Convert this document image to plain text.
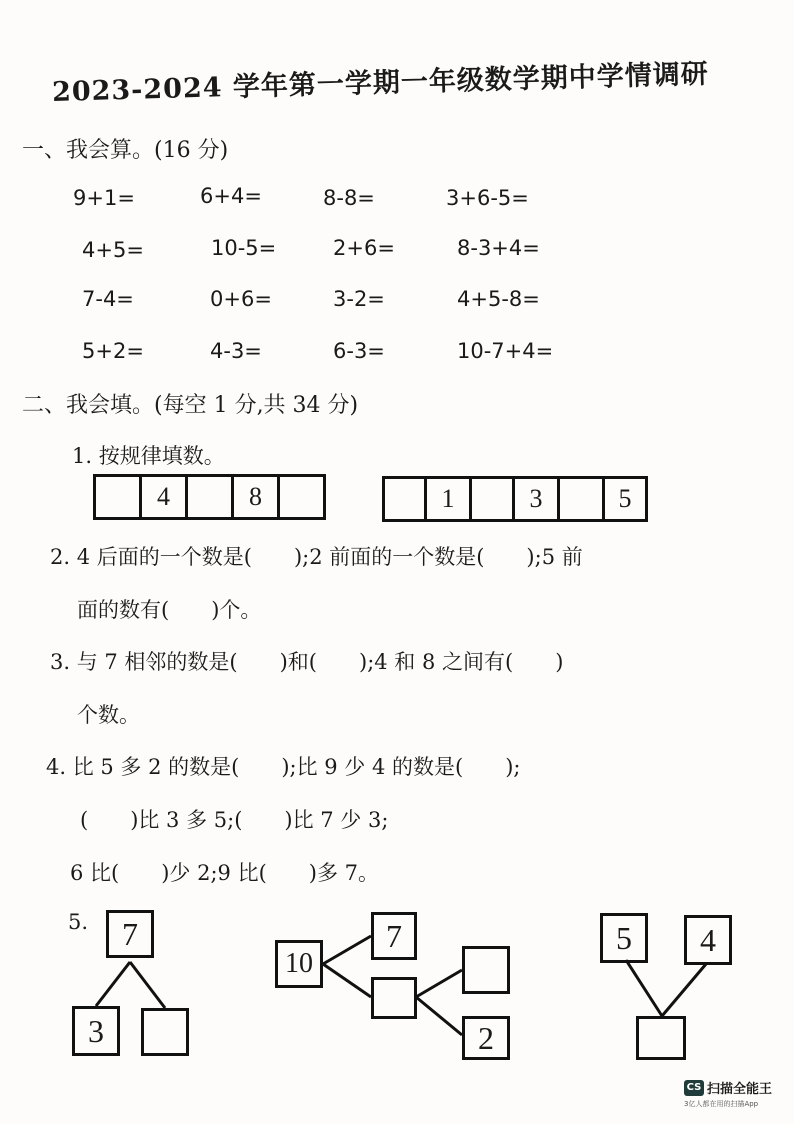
2023-2024 学年第一学期一年级数学期中学情调研
一、我会算。(16 分)
9+1=	6+4=	8-8=	3+6-5=
4+5=	10-5=	2+6=	8-3+4=
7-4=	0+6=	3-2=	4+5-8=
5+2=	4-3=	6-3=	10-7+4=
二、我会填。(每空 1 分,共 34 分)
1. 按规律填数。
4	8	1	3	5
2. 4 后面的一个数是(　　);2 前面的一个数是(　　);5 前
面的数有(　　)个。
3. 与 7 相邻的数是(　　)和(　　);4 和 8 之间有(　　)
个数。
4. 比 5 多 2 的数是(　　);比 9 少 4 的数是(　　);
(　　)比 3 多 5;(　　)比 7 少 3;
6 比(　　)少 2;9 比(　　)多 7。
5.	7
3
10
7
2
5	4
CS 扫描全能王
3亿人都在用的扫描App
